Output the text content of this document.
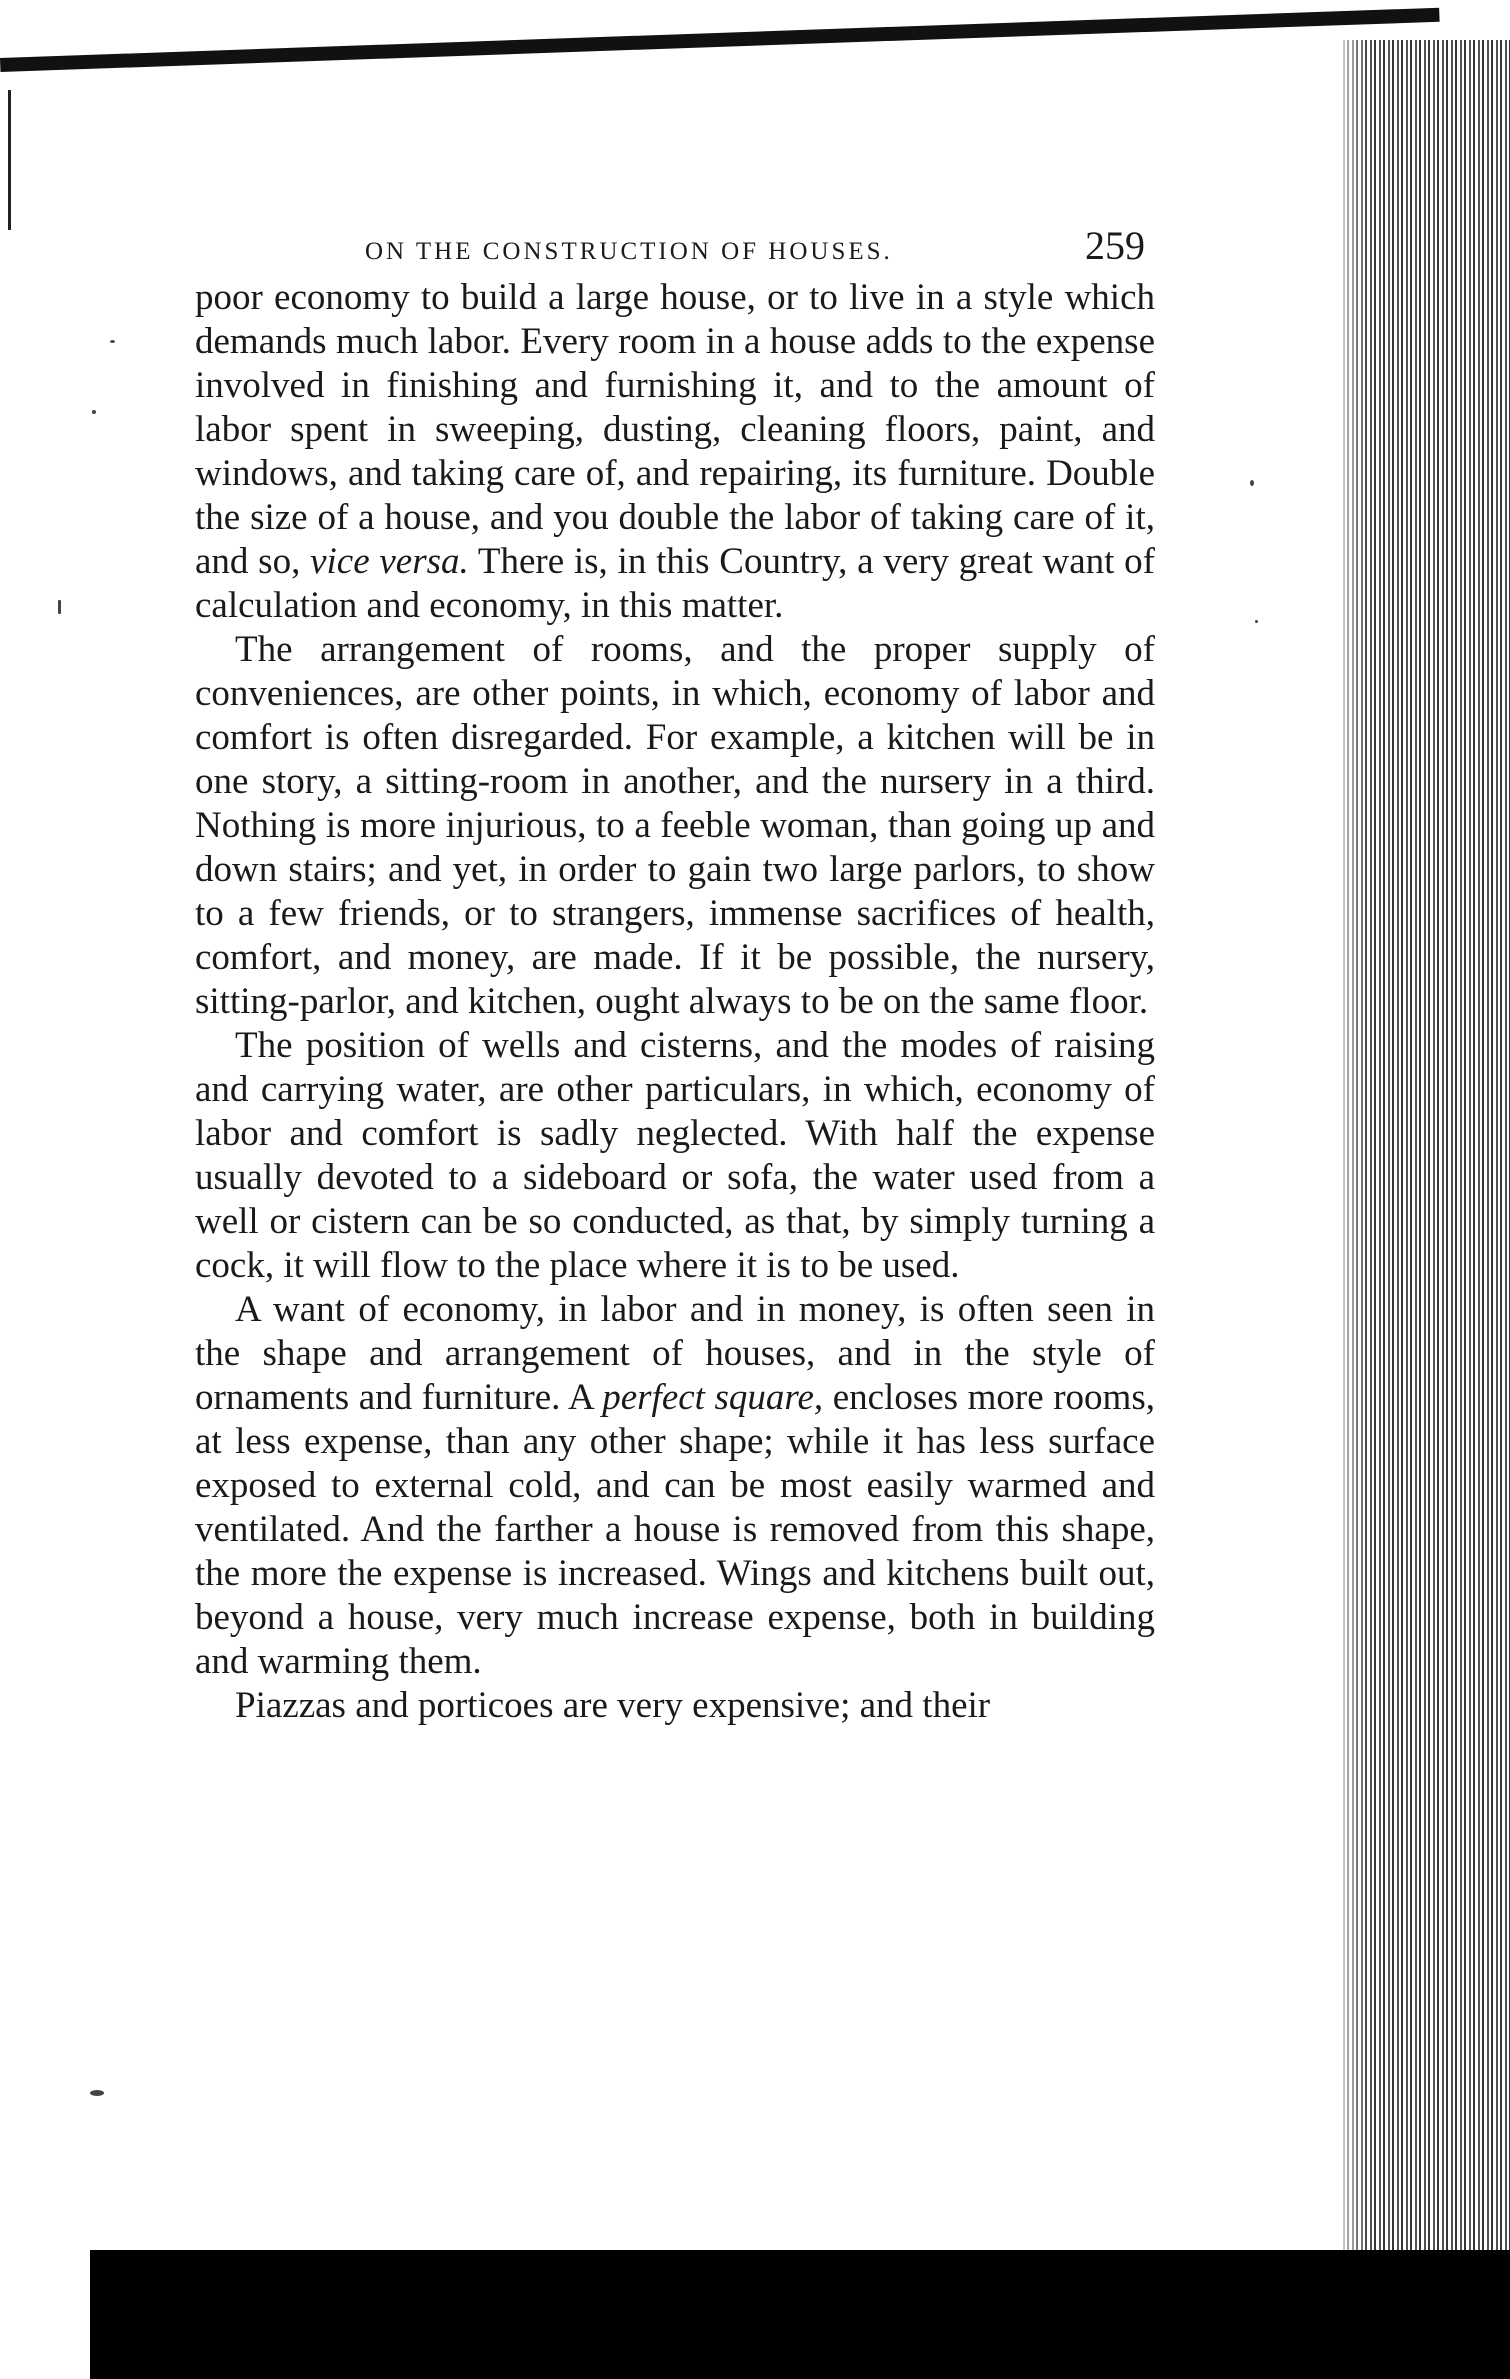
ON THE CONSTRUCTION OF HOUSES.	259

poor economy to build a large house, or to live in a style which demands much labor. Every room in a house adds to the expense involved in finishing and furnishing it, and to the amount of labor spent in sweeping, dusting, cleaning floors, paint, and windows, and taking care of, and repairing, its furniture. Double the size of a house, and you double the labor of taking care of it, and so, vice versa. There is, in this Country, a very great want of calculation and economy, in this matter.

The arrangement of rooms, and the proper supply of conveniences, are other points, in which, economy of labor and comfort is often disregarded. For example, a kitchen will be in one story, a sitting-room in another, and the nursery in a third. Nothing is more injurious, to a feeble woman, than going up and down stairs; and yet, in order to gain two large parlors, to show to a few friends, or to strangers, immense sacrifices of health, comfort, and money, are made. If it be possible, the nursery, sitting-parlor, and kitchen, ought always to be on the same floor.

The position of wells and cisterns, and the modes of raising and carrying water, are other particulars, in which, economy of labor and comfort is sadly neglected. With half the expense usually devoted to a sideboard or sofa, the water used from a well or cistern can be so conducted, as that, by simply turning a cock, it will flow to the place where it is to be used.

A want of economy, in labor and in money, is often seen in the shape and arrangement of houses, and in the style of ornaments and furniture. A perfect square, encloses more rooms, at less expense, than any other shape; while it has less surface exposed to external cold, and can be most easily warmed and ventilated. And the farther a house is removed from this shape, the more the expense is increased. Wings and kitchens built out, beyond a house, very much increase expense, both in building and warming them.

Piazzas and porticoes are very expensive; and their
